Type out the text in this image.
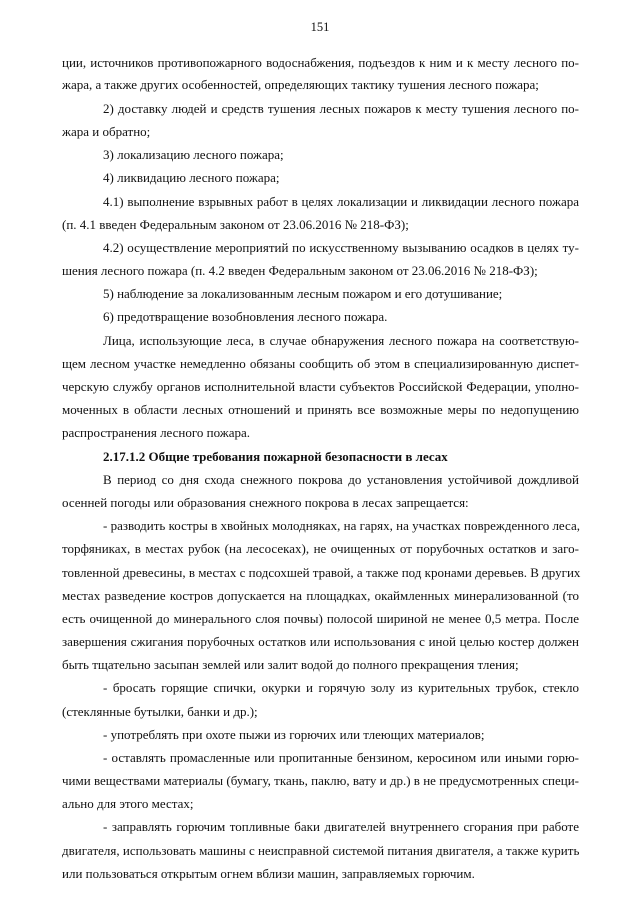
151
ции, источников противопожарного водоснабжения, подъездов к ним и к месту лесного по-
жара, а также других особенностей, определяющих тактику тушения лесного пожара;
2) доставку людей и средств тушения лесных пожаров к месту тушения лесного по-
жара и обратно;
3) локализацию лесного пожара;
4) ликвидацию лесного пожара;
4.1) выполнение взрывных работ в целях локализации и ликвидации лесного пожара
(п. 4.1 введен Федеральным законом от 23.06.2016 № 218-ФЗ);
4.2) осуществление мероприятий по искусственному вызыванию осадков в целях ту-
шения лесного пожара (п. 4.2 введен Федеральным законом от 23.06.2016 № 218-ФЗ);
5) наблюдение за локализованным лесным пожаром и его дотушивание;
6) предотвращение возобновления лесного пожара.
Лица, использующие леса, в случае обнаружения лесного пожара на соответствую-
щем лесном участке немедленно обязаны сообщить об этом в специализированную диспет-
черскую службу органов исполнительной власти субъектов Российской Федерации, уполно-
моченных в области лесных отношений и принять все возможные меры по недопущению
распространения лесного пожара.
2.17.1.2 Общие требования пожарной безопасности в лесах
В период со дня схода снежного покрова до установления устойчивой дождливой
осенней погоды или образования снежного покрова в лесах запрещается:
- разводить костры в хвойных молодняках, на гарях, на участках поврежденного леса,
торфяниках, в местах рубок (на лесосеках), не очищенных от порубочных остатков и заго-
товленной древесины, в местах с подсохшей травой, а также под кронами деревьев. В других
местах разведение костров допускается на площадках, окаймленных минерализованной (то
есть очищенной до минерального слоя почвы) полосой шириной не менее 0,5 метра. После
завершения сжигания порубочных остатков или использования с иной целью костер должен
быть тщательно засыпан землей или залит водой до полного прекращения тления;
- бросать горящие спички, окурки и горячую золу из курительных трубок, стекло
(стеклянные бутылки, банки и др.);
- употреблять при охоте пыжи из горючих или тлеющих материалов;
- оставлять промасленные или пропитанные бензином, керосином или иными горю-
чими веществами материалы (бумагу, ткань, паклю, вату и др.) в не предусмотренных специ-
ально для этого местах;
- заправлять горючим топливные баки двигателей внутреннего сгорания при работе
двигателя, использовать машины с неисправной системой питания двигателя, а также курить
или пользоваться открытым огнем вблизи машин, заправляемых горючим.
